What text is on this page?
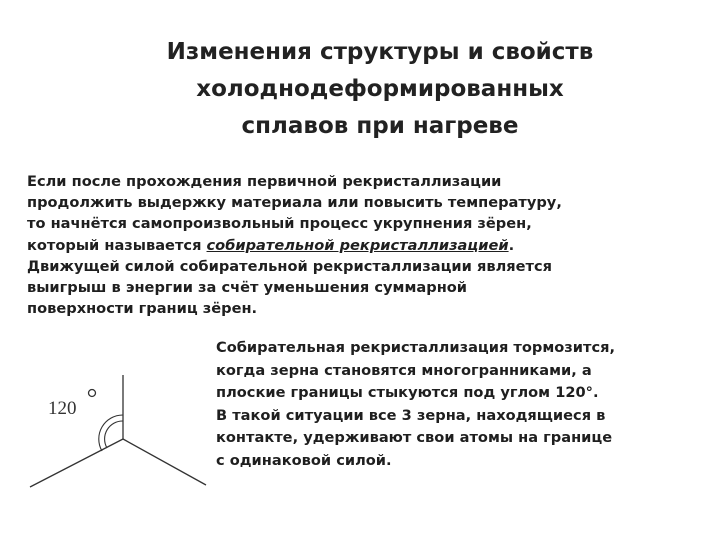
Изменения структуры и свойств
холоднодеформированных
сплавов при нагреве
Если после прохождения первичной рекристаллизации
продолжить выдержку материала или повысить температуру,
то начнётся самопроизвольный процесс укрупнения зёрен,
который называется собирательной рекристаллизацией.
Движущей силой собирательной рекристаллизации является
выигрыш в энергии за счёт уменьшения суммарной
поверхности границ зёрен.
Собирательная рекристаллизация тормозится,
когда зерна становятся многогранниками, а
плоские границы стыкуются под углом 120°.
В такой ситуации все 3 зерна, находящиеся в
контакте, удерживают свои атомы на границе
с одинаковой силой.
120
